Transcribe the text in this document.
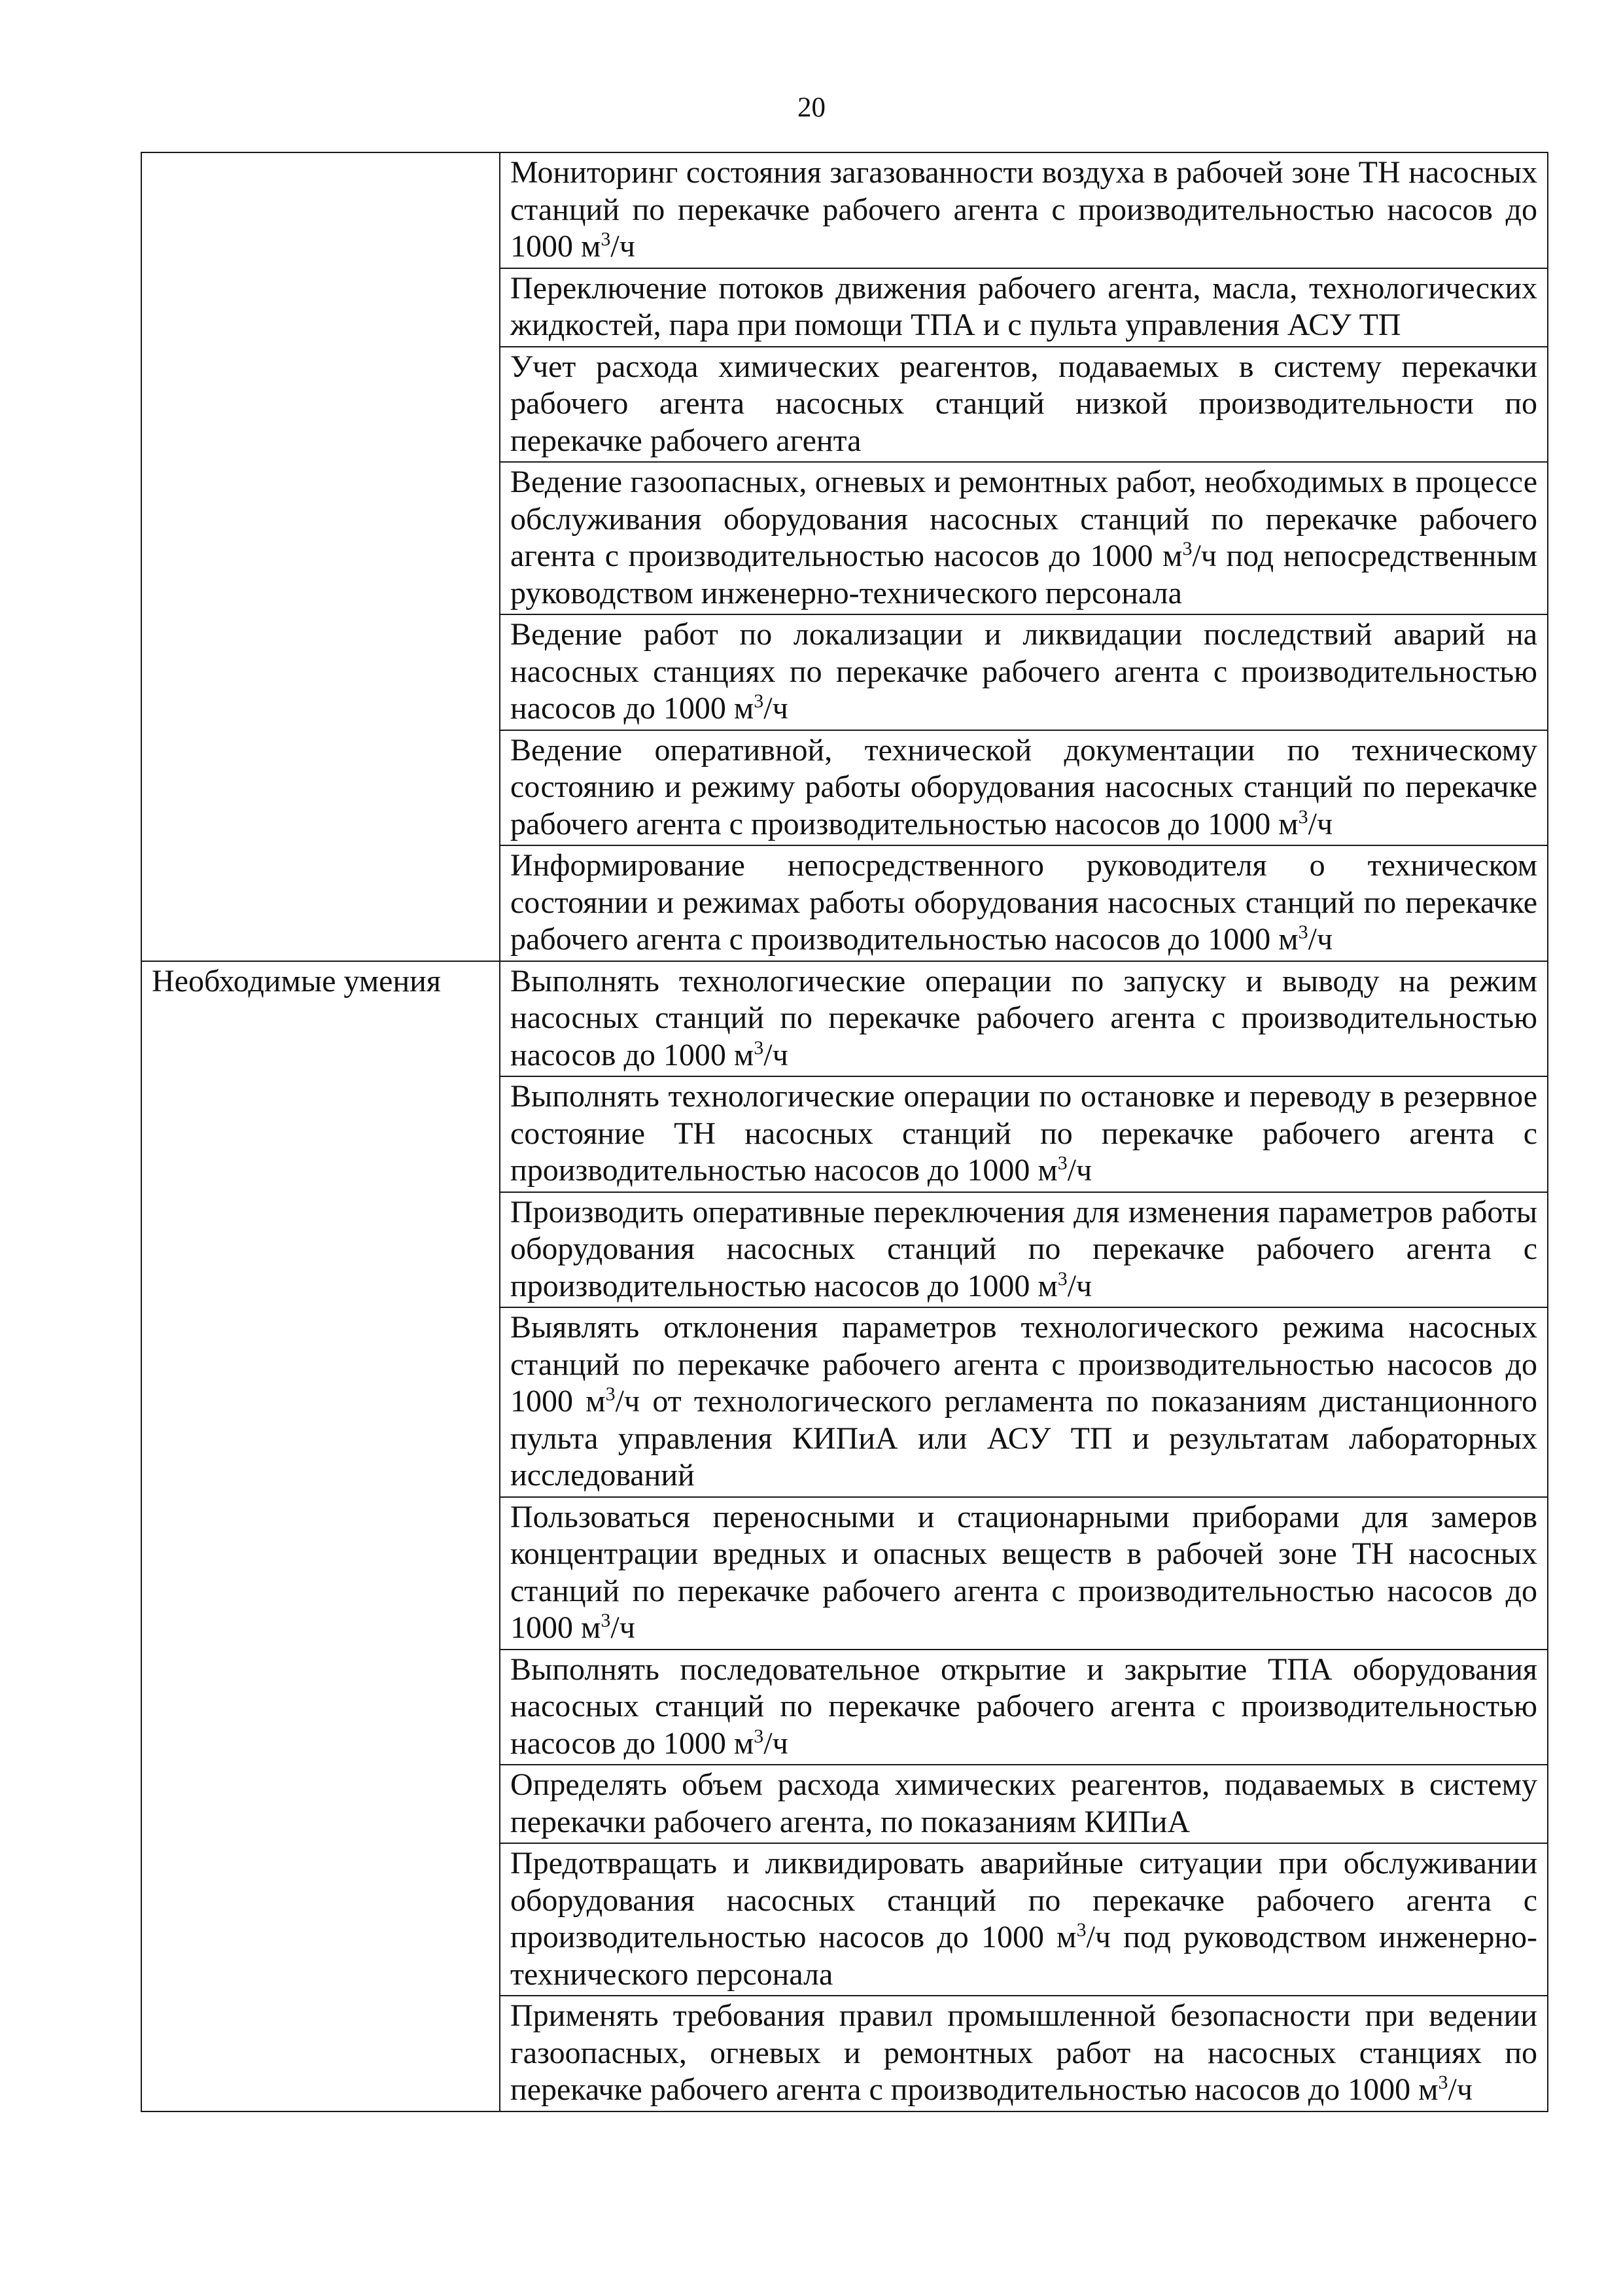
20
	Мониторинг состояния загазованности воздуха в рабочей зоне ТН насосных станций по перекачке рабочего агента с производительностью насосов до 1000 $м^3/ч$
	Переключение потоков движения рабочего агента, масла, технологических жидкостей, пара при помощи ТПА и с пульта управления АСУ ТП
	Учет расхода химических реагентов, подаваемых в систему перекачки рабочего агента насосных станций низкой производительности по перекачке рабочего агента
	Ведение газоопасных, огневых и ремонтных работ, необходимых в процессе обслуживания оборудования насосных станций по перекачке рабочего агента с производительностью насосов до 1000 $м^3/ч$ под непосредственным руководством инженерно-технического персонала
	Ведение работ по локализации и ликвидации последствий аварий на насосных станциях по перекачке рабочего агента с производительностью насосов до 1000 $м^3/ч$
	Ведение оперативной, технической документации по техническому состоянию и режиму работы оборудования насосных станций по перекачке рабочего агента с производительностью насосов до 1000 $м^3/ч$
	Информирование непосредственного руководителя о техническом состоянии и режимах работы оборудования насосных станций по перекачке рабочего агента с производительностью насосов до 1000 $м^3/ч$
Необходимые умения	Выполнять технологические операции по запуску и выводу на режим насосных станций по перекачке рабочего агента с производительностью насосов до 1000 $м^3/ч$
	Выполнять технологические операции по остановке и переводу в резервное состояние ТН насосных станций по перекачке рабочего агента с производительностью насосов до 1000 $м^3/ч$
	Производить оперативные переключения для изменения параметров работы оборудования насосных станций по перекачке рабочего агента с производительностью насосов до 1000 $м^3/ч$
	Выявлять отклонения параметров технологического режима насосных станций по перекачке рабочего агента с производительностью насосов до 1000 $м^3/ч$ от технологического регламента по показаниям дистанционного пульта управления КИПиА или АСУ ТП и результатам лабораторных исследований
	Пользоваться переносными и стационарными приборами для замеров концентрации вредных и опасных веществ в рабочей зоне ТН насосных станций по перекачке рабочего агента с производительностью насосов до 1000 $м^3/ч$
	Выполнять последовательное открытие и закрытие ТПА оборудования насосных станций по перекачке рабочего агента с производительностью насосов до 1000 $м^3/ч$
	Определять объем расхода химических реагентов, подаваемых в систему перекачки рабочего агента, по показаниям КИПиА
	Предотвращать и ликвидировать аварийные ситуации при обслуживании оборудования насосных станций по перекачке рабочего агента с производительностью насосов до 1000 $м^3/ч$ под руководством инженерно-технического персонала
	Применять требования правил промышленной безопасности при ведении газоопасных, огневых и ремонтных работ на насосных станциях по перекачке рабочего агента с производительностью насосов до 1000 $м^3/ч$
